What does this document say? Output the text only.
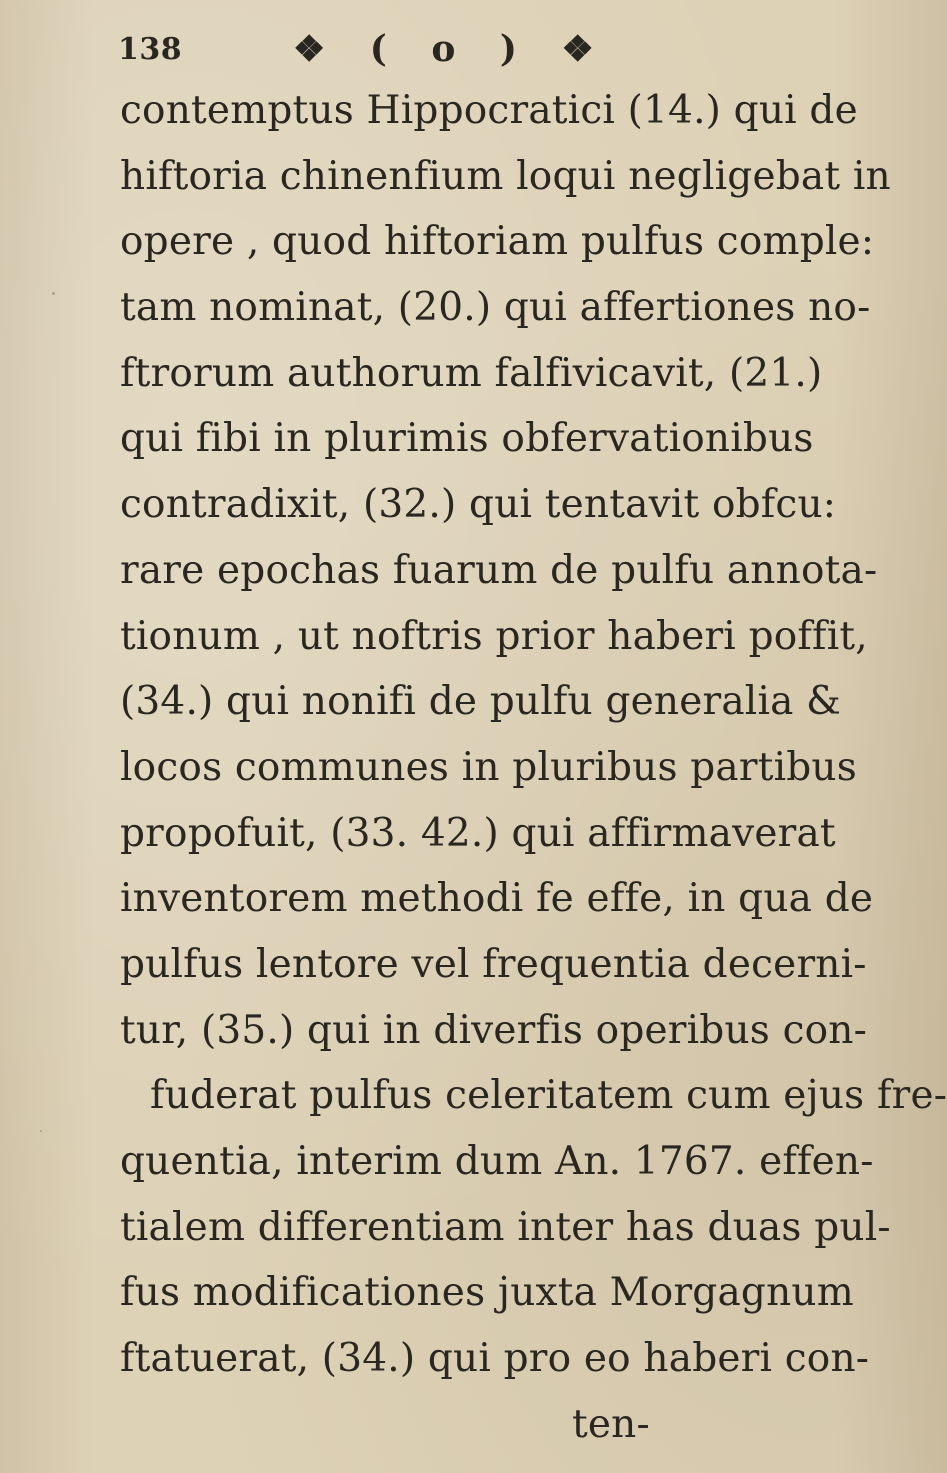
138	❖ ( o ) ❖
contemptus Hippocratici (14.) qui de
hiftoria chinenfium loqui negligebat in
opere , quod hiftoriam pulfus comple:
tam nominat, (20.) qui affertiones no-
ftrorum authorum falfivicavit, (21.)
qui fibi in plurimis obfervationibus
contradixit, (32.) qui tentavit obfcu:
rare epochas fuarum de pulfu annota-
tionum , ut noftris prior haberi poffit,
(34.) qui nonifi de pulfu generalia &
locos communes in pluribus partibus
propofuit, (33. 42.) qui affirmaverat
inventorem methodi fe effe, in qua de
pulfus lentore vel frequentia decerni-
tur, (35.) qui in diverfis operibus con-
fuderat pulfus celeritatem cum ejus fre-
quentia, interim dum An. 1767. effen-
tialem differentiam inter has duas pul-
fus modificationes juxta Morgagnum
ftatuerat, (34.) qui pro eo haberi con-
ten-
